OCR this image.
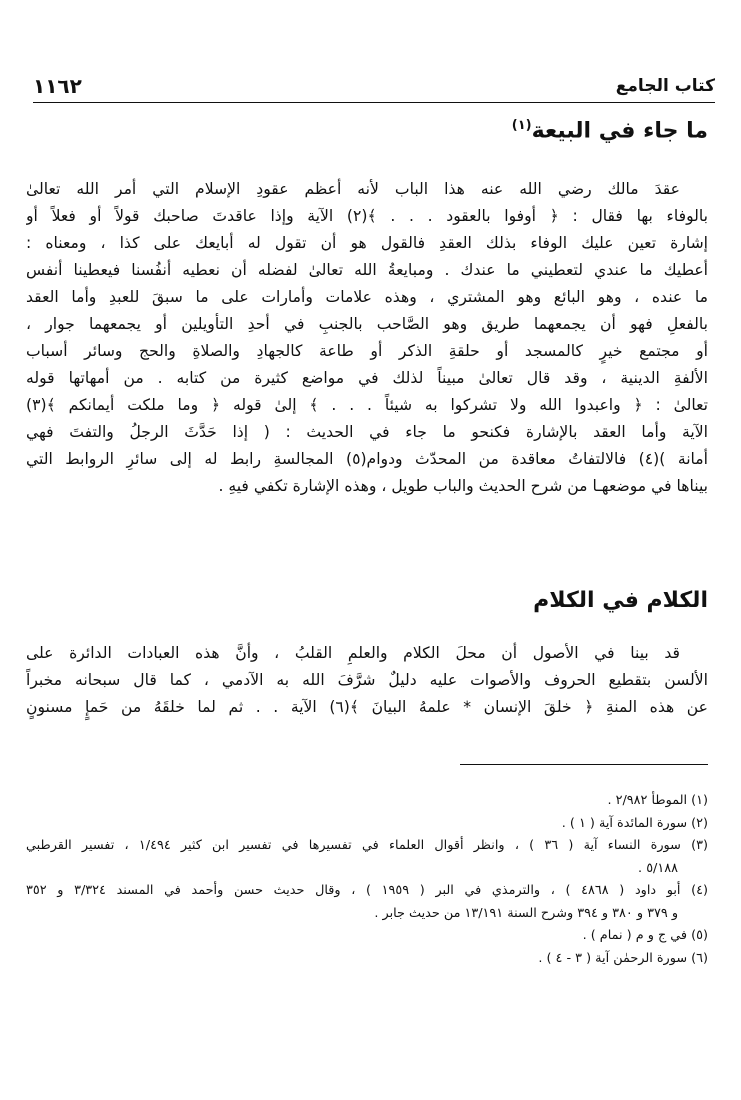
كتاب الجامع
١١٦٢
ما جاء في البيعة$^{(١)}$
عقدَ مالك رضي الله عنه هذا الباب لأنه أعظم عقودِ الإسلام التي أمر الله تعالىٰ
بالوفاء بها فقال : ﴿ أوفوا بالعقود . . . ﴾(٢) الآية وإذا عاقدتَ صاحبك قولاً أو فعلاً أو
إشارة تعين عليك الوفاء بذلك العقدِ فالقول هو أن تقول له أبايعك على كذا ، ومعناه :
أعطيك ما عندي لتعطيني ما عندك . ومبايعةُ الله تعالىٰ لفضله أن نعطيه أنفُسنا فيعطينا أنفس
ما عنده ، وهو البائع وهو المشتري ، وهذه علامات وأمارات على ما سبقَ للعبدِ وأما العقد
بالفعلِ فهو أن يجمعهما طريق وهو الصَّاحب بالجنبِ في أحدِ التأويلين أو يجمعهما جوار ،
أو مجتمع خيرٍ كالمسجد أو حلقةِ الذكر أو طاعة كالجهادِ والصلاةِ والحج وسائر أسباب
الألفةِ الدينية ، وقد قال تعالىٰ مبيناً لذلك في مواضع كثيرة من كتابه . من أمهاتها قوله
تعالىٰ : ﴿ واعبدوا الله ولا تشركوا به شيئاً . . . ﴾ إلىٰ قوله ﴿ وما ملكت أيمانكم ﴾(٣)
الآية وأما العقد بالإشارة فكنحو ما جاء في الحديث : ( إذا حَدَّثَ الرجلُ والتفتَ فهي
أمانة )(٤) فالالتفاتُ معاقدة من المحدّث ودوام(٥) المجالسةِ رابط له إلى سائرِ الروابط التي
بيناها في موضعهـا من شرح الحديث والباب طويل ، وهذه الإشارة تكفي فيهِ .
الكلام في الكلام
قد بينا في الأصول أن محلَ الكلام والعلمِ القلبُ ، وأنَّ هذه العبادات الدائرة على
الألسن بتقطيع الحروف والأصوات عليه دليلٌ شرَّفَ الله به الآدمي ، كما قال سبحانه مخبراً
عن هذه المنةِ ﴿ خلقَ الإنسان * علمهُ البيانَ ﴾(٦) الآية . . ثم لما خلقَهُ من حَمإٍ مسنونٍ
(١) الموطأ ٢/٩٨٢ .
(٢) سورة المائدة آية ( ١ ) .
(٣) سورة النساء آية ( ٣٦ ) ، وانظر أقوال العلماء في تفسيرها في تفسير ابن كثير ١/٤٩٤ ، تفسير القرطبي
٥/١٨٨ .
(٤) أبو داود ( ٤٨٦٨ ) ، والترمذي في البر ( ١٩٥٩ ) ، وقال حديث حسن وأحمد في المسند ٣/٣٢٤ و ٣٥٢
و ٣٧٩ و ٣٨٠ و ٣٩٤ وشرح السنة ١٣/١٩١ من حديث جابر .
(٥) في ج و م ( نمام ) .
(٦) سورة الرحمٰن آية ( ٣ - ٤ ) .
